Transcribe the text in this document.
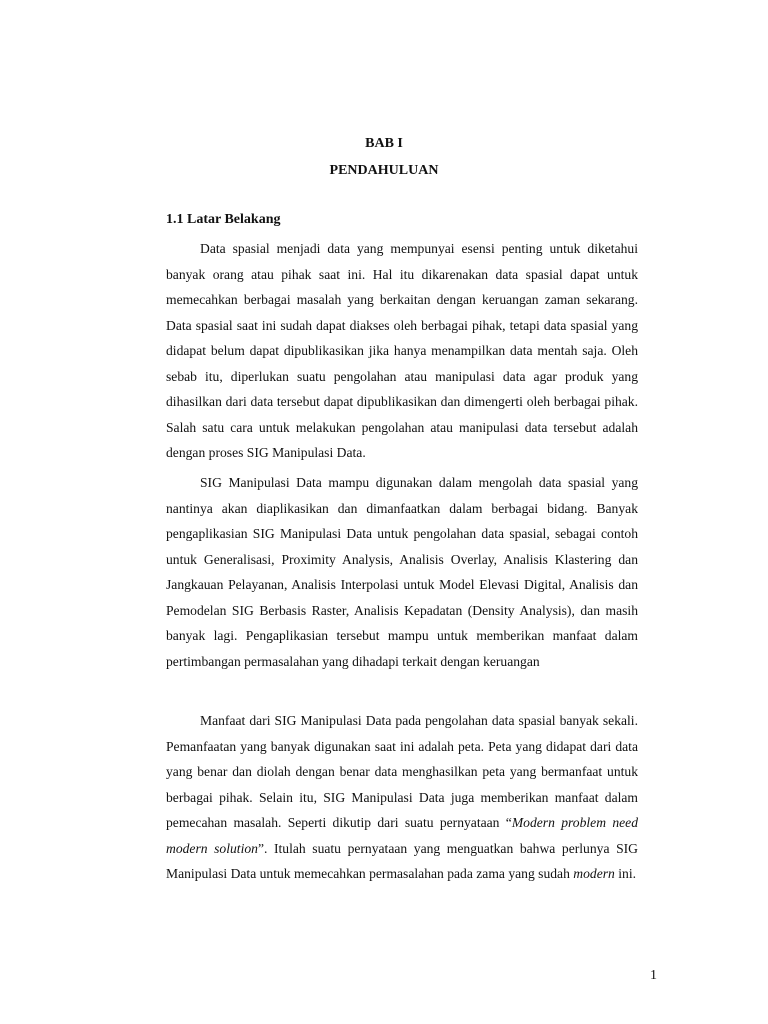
BAB I

PENDAHULUAN

1.1 Latar Belakang

Data spasial menjadi data yang mempunyai esensi penting untuk diketahui banyak orang atau pihak saat ini. Hal itu dikarenakan data spasial dapat untuk memecahkan berbagai masalah yang berkaitan dengan keruangan zaman sekarang. Data spasial saat ini sudah dapat diakses oleh berbagai pihak, tetapi data spasial yang didapat belum dapat dipublikasikan jika hanya menampilkan data mentah saja. Oleh sebab itu, diperlukan suatu pengolahan atau manipulasi data agar produk yang dihasilkan dari data tersebut dapat dipublikasikan dan dimengerti oleh berbagai pihak. Salah satu cara untuk melakukan pengolahan atau manipulasi data tersebut adalah dengan proses SIG Manipulasi Data.

SIG Manipulasi Data mampu digunakan dalam mengolah data spasial yang nantinya akan diaplikasikan dan dimanfaatkan dalam berbagai bidang. Banyak pengaplikasian SIG Manipulasi Data untuk pengolahan data spasial, sebagai contoh untuk Generalisasi, Proximity Analysis, Analisis Overlay, Analisis Klastering dan Jangkauan Pelayanan, Analisis Interpolasi untuk Model Elevasi Digital, Analisis dan Pemodelan SIG Berbasis Raster, Analisis Kepadatan (Density Analysis), dan masih banyak lagi. Pengaplikasian tersebut mampu untuk memberikan manfaat dalam pertimbangan permasalahan yang dihadapi terkait dengan keruangan

Manfaat dari SIG Manipulasi Data pada pengolahan data spasial banyak sekali. Pemanfaatan yang banyak digunakan saat ini adalah peta. Peta yang didapat dari data yang benar dan diolah dengan benar data menghasilkan peta yang bermanfaat untuk berbagai pihak. Selain itu, SIG Manipulasi Data juga memberikan manfaat dalam pemecahan masalah. Seperti dikutip dari suatu pernyataan “Modern problem need modern solution”. Itulah suatu pernyataan yang menguatkan bahwa perlunya SIG Manipulasi Data untuk memecahkan permasalahan pada zama yang sudah modern ini.

1
